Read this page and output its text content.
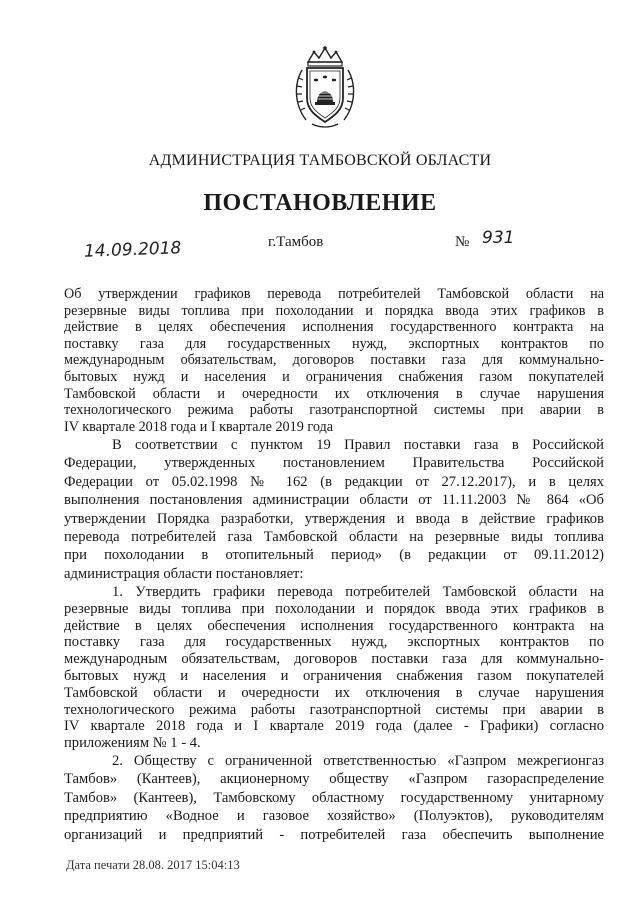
АДМИНИСТРАЦИЯ ТАМБОВСКОЙ ОБЛАСТИ
ПОСТАНОВЛЕНИЕ
14.09.2018	г.Тамбов	№ 931
Об утверждении графиков перевода потребителей Тамбовской области на
резервные виды топлива при похолодании и порядка ввода этих графиков в
действие в целях обеспечения исполнения государственного контракта на
поставку газа для государственных нужд, экспортных контрактов по
международным обязательствам, договоров поставки газа для коммунально-
бытовых нужд и населения и ограничения снабжения газом покупателей
Тамбовской области и очередности их отключения в случае нарушения
технологического режима работы газотранспортной системы при аварии в
IV квартале 2018 года и I квартале 2019 года
В соответствии с пунктом 19 Правил поставки газа в Российской
Федерации, утвержденных постановлением Правительства Российской
Федерации от 05.02.1998 № 162 (в редакции от 27.12.2017), и в целях
выполнения постановления администрации области от 11.11.2003 № 864 «Об
утверждении Порядка разработки, утверждения и ввода в действие графиков
перевода потребителей газа Тамбовской области на резервные виды топлива
при похолодании в отопительный период» (в редакции от 09.11.2012)
администрация области постановляет:
1. Утвердить графики перевода потребителей Тамбовской области на
резервные виды топлива при похолодании и порядок ввода этих графиков в
действие в целях обеспечения исполнения государственного контракта на
поставку газа для государственных нужд, экспортных контрактов по
международным обязательствам, договоров поставки газа для коммунально-
бытовых нужд и населения и ограничения снабжения газом покупателей
Тамбовской области и очередности их отключения в случае нарушения
технологического режима работы газотранспортной системы при аварии в
IV квартале 2018 года и I квартале 2019 года (далее - Графики) согласно
приложениям № 1 - 4.
2. Обществу с ограниченной ответственностью «Газпром межрегионгаз
Тамбов» (Кантеев), акционерному обществу «Газпром газораспределение
Тамбов» (Кантеев), Тамбовскому областному государственному унитарному
предприятию «Водное и газовое хозяйство» (Полуэктов), руководителям
организаций и предприятий - потребителей газа обеспечить выполнение
Дата печати 28.08. 2017 15:04:13
